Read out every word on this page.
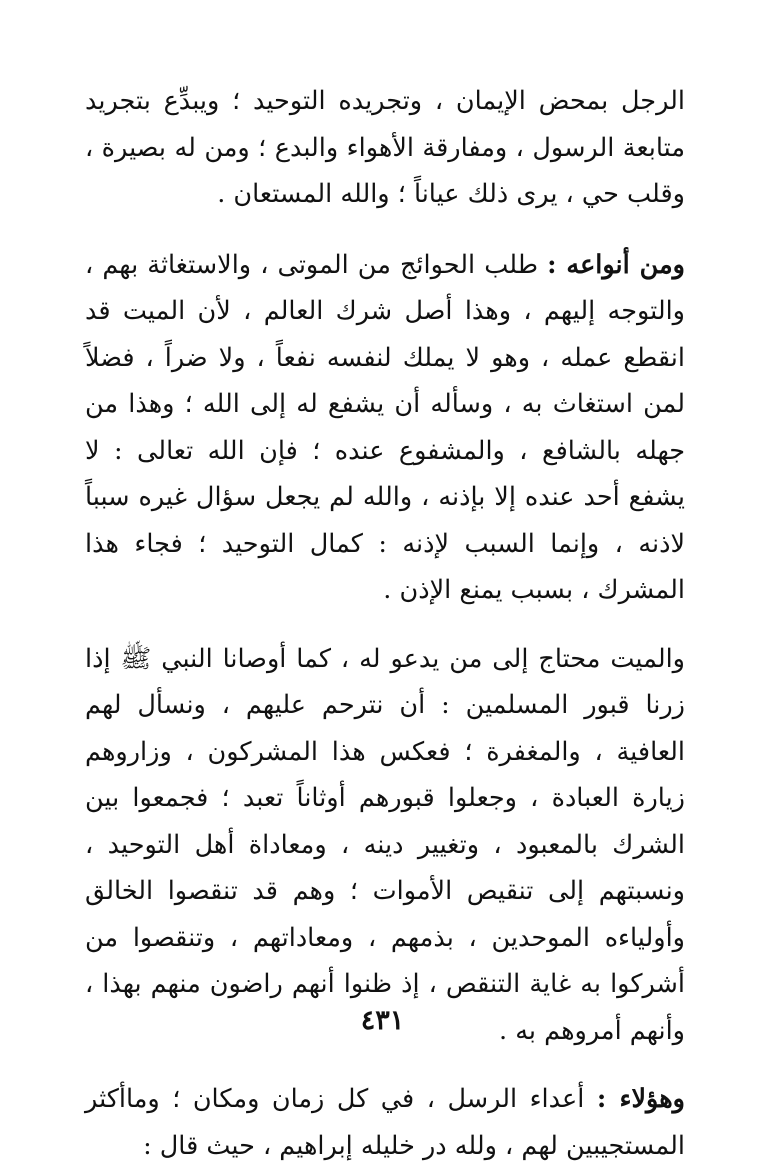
الرجل بمحض الإيمان ، وتجريده التوحيد ؛ ويبدِّع بتجريد متابعة الرسول ، ومفارقة الأهواء والبدع ؛ ومن له بصيرة ، وقلب حي ، يرى ذلك عياناً ؛ والله المستعان .

ومن أنواعه : طلب الحوائج من الموتى ، والاستغاثة بهم ، والتوجه إليهم ، وهذا أصل شرك العالم ، لأن الميت قد انقطع عمله ، وهو لا يملك لنفسه نفعاً ، ولا ضراً ، فضلاً لمن استغاث به ، وسأله أن يشفع له إلى الله ؛ وهذا من جهله بالشافع ، والمشفوع عنده ؛ فإن الله تعالى : لا يشفع أحد عنده إلا بإذنه ، والله لم يجعل سؤال غيره سبباً لاذنه ، وإنما السبب لإذنه : كمال التوحيد ؛ فجاء هذا المشرك ، بسبب يمنع الإذن .

والميت محتاج إلى من يدعو له ، كما أوصانا النبي ﷺ إذا زرنا قبور المسلمين : أن نترحم عليهم ، ونسأل لهم العافية ، والمغفرة ؛ فعكس هذا المشركون ، وزاروهم زيارة العبادة ، وجعلوا قبورهم أوثاناً تعبد ؛ فجمعوا بين الشرك بالمعبود ، وتغيير دينه ، ومعاداة أهل التوحيد ، ونسبتهم إلى تنقيص الأموات ؛ وهم قد تنقصوا الخالق وأولياءه الموحدين ، بذمهم ، ومعاداتهم ، وتنقصوا من أشركوا به غاية التنقص ، إذ ظنوا أنهم راضون منهم بهذا ، وأنهم أمروهم به .

وهؤلاء : أعداء الرسل ، في كل زمان ومكان ؛ وماأكثر المستجيبين لهم ، ولله در خليله إبراهيم ، حيث قال :

٤٣١
